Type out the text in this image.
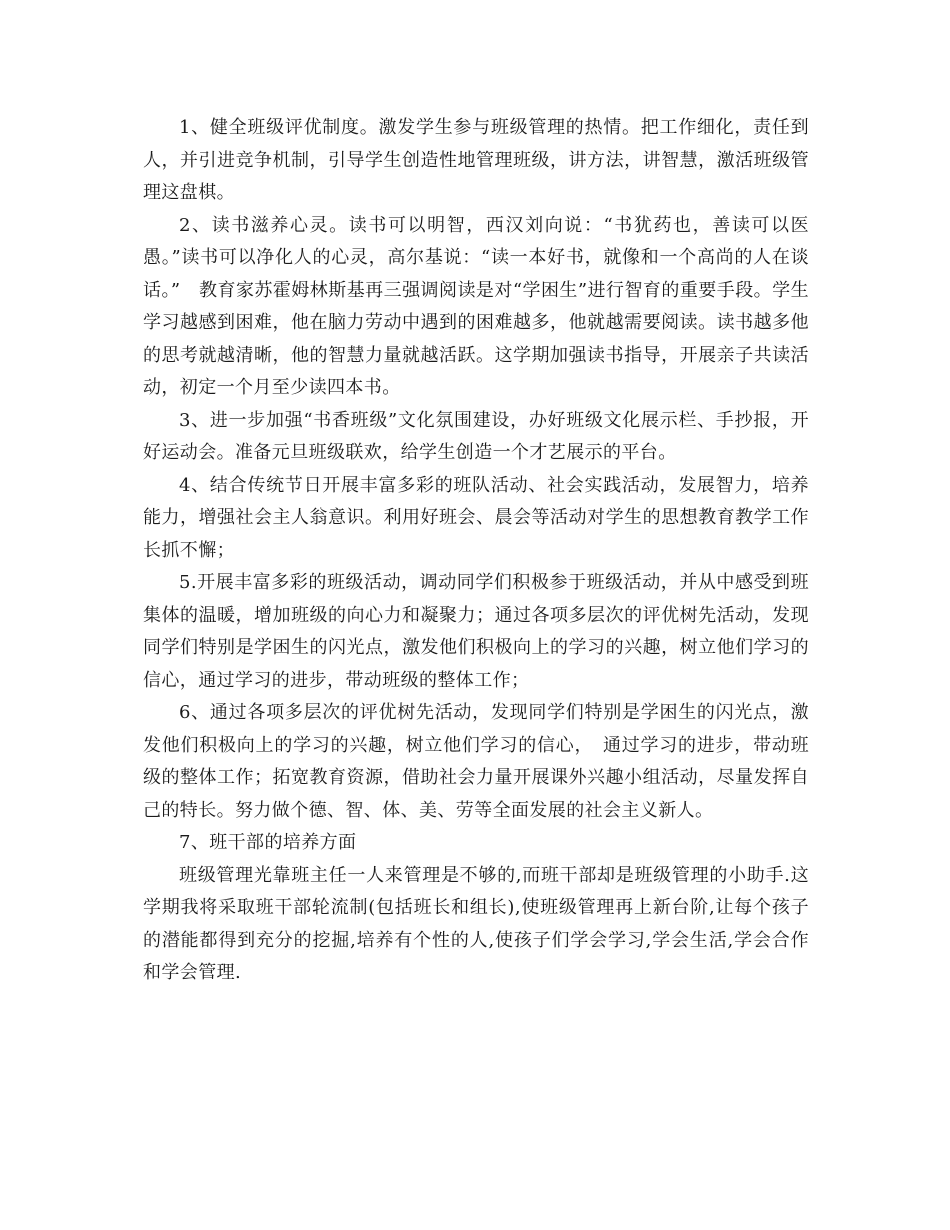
1、健全班级评优制度。激发学生参与班级管理的热情。把工作细化，责任到人，并引进竞争机制，引导学生创造性地管理班级，讲方法，讲智慧，激活班级管理这盘棋。

2、读书滋养心灵。读书可以明智，西汉刘向说：“书犹药也，善读可以医愚。”读书可以净化人的心灵，高尔基说：“读一本好书，就像和一个高尚的人在谈话。”　教育家苏霍姆林斯基再三强调阅读是对“学困生”进行智育的重要手段。学生学习越感到困难，他在脑力劳动中遇到的困难越多，他就越需要阅读。读书越多他的思考就越清晰，他的智慧力量就越活跃。这学期加强读书指导，开展亲子共读活动，初定一个月至少读四本书。

3、进一步加强“书香班级”文化氛围建设，办好班级文化展示栏、手抄报，开好运动会。准备元旦班级联欢，给学生创造一个才艺展示的平台。

4、结合传统节日开展丰富多彩的班队活动、社会实践活动，发展智力，培养能力，增强社会主人翁意识。利用好班会、晨会等活动对学生的思想教育教学工作长抓不懈；

5.开展丰富多彩的班级活动，调动同学们积极参于班级活动，并从中感受到班集体的温暖，增加班级的向心力和凝聚力；通过各项多层次的评优树先活动，发现同学们特别是学困生的闪光点，激发他们积极向上的学习的兴趣，树立他们学习的信心，通过学习的进步，带动班级的整体工作；

6、通过各项多层次的评优树先活动，发现同学们特别是学困生的闪光点，激发他们积极向上的学习的兴趣，树立他们学习的信心，　通过学习的进步，带动班级的整体工作；拓宽教育资源，借助社会力量开展课外兴趣小组活动，尽量发挥自己的特长。努力做个德、智、体、美、劳等全面发展的社会主义新人。

7、班干部的培养方面

班级管理光靠班主任一人来管理是不够的,而班干部却是班级管理的小助手.这学期我将采取班干部轮流制(包括班长和组长),使班级管理再上新台阶,让每个孩子的潜能都得到充分的挖掘,培养有个性的人,使孩子们学会学习,学会生活,学会合作和学会管理.
